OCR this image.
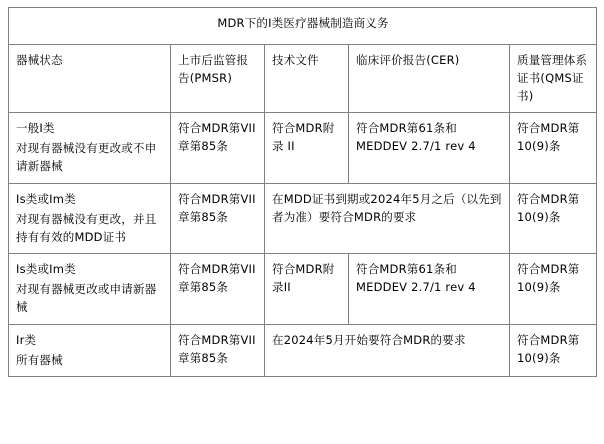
MDR下的I类医疗器械制造商义务				
器械状态	上市后监管报告(PMSR)	技术文件	临床评价报告(CER)	质量管理体系证书(QMS证书)

一般I类
对现有器械没有更改或不申请新器械	符合MDR第VII章第85条	符合MDR附录 II	符合MDR第61条和MEDDEV 2.7/1 rev 4	符合MDR第10(9)条

Is类或Im类
对现有器械没有更改，并且持有有效的MDD证书	符合MDR第VII章第85条	在MDD证书到期或2024年5月之后（以先到者为准）要符合MDR的要求		符合MDR第10(9)条

Is类或Im类
对现有器械更改或申请新器械	符合MDR第VII章第85条	符合MDR附录II	符合MDR第61条和MEDDEV 2.7/1 rev 4	符合MDR第10(9)条

Ir类
所有器械	符合MDR第VII章第85条	在2024年5月开始要符合MDR的要求		符合MDR第10(9)条
